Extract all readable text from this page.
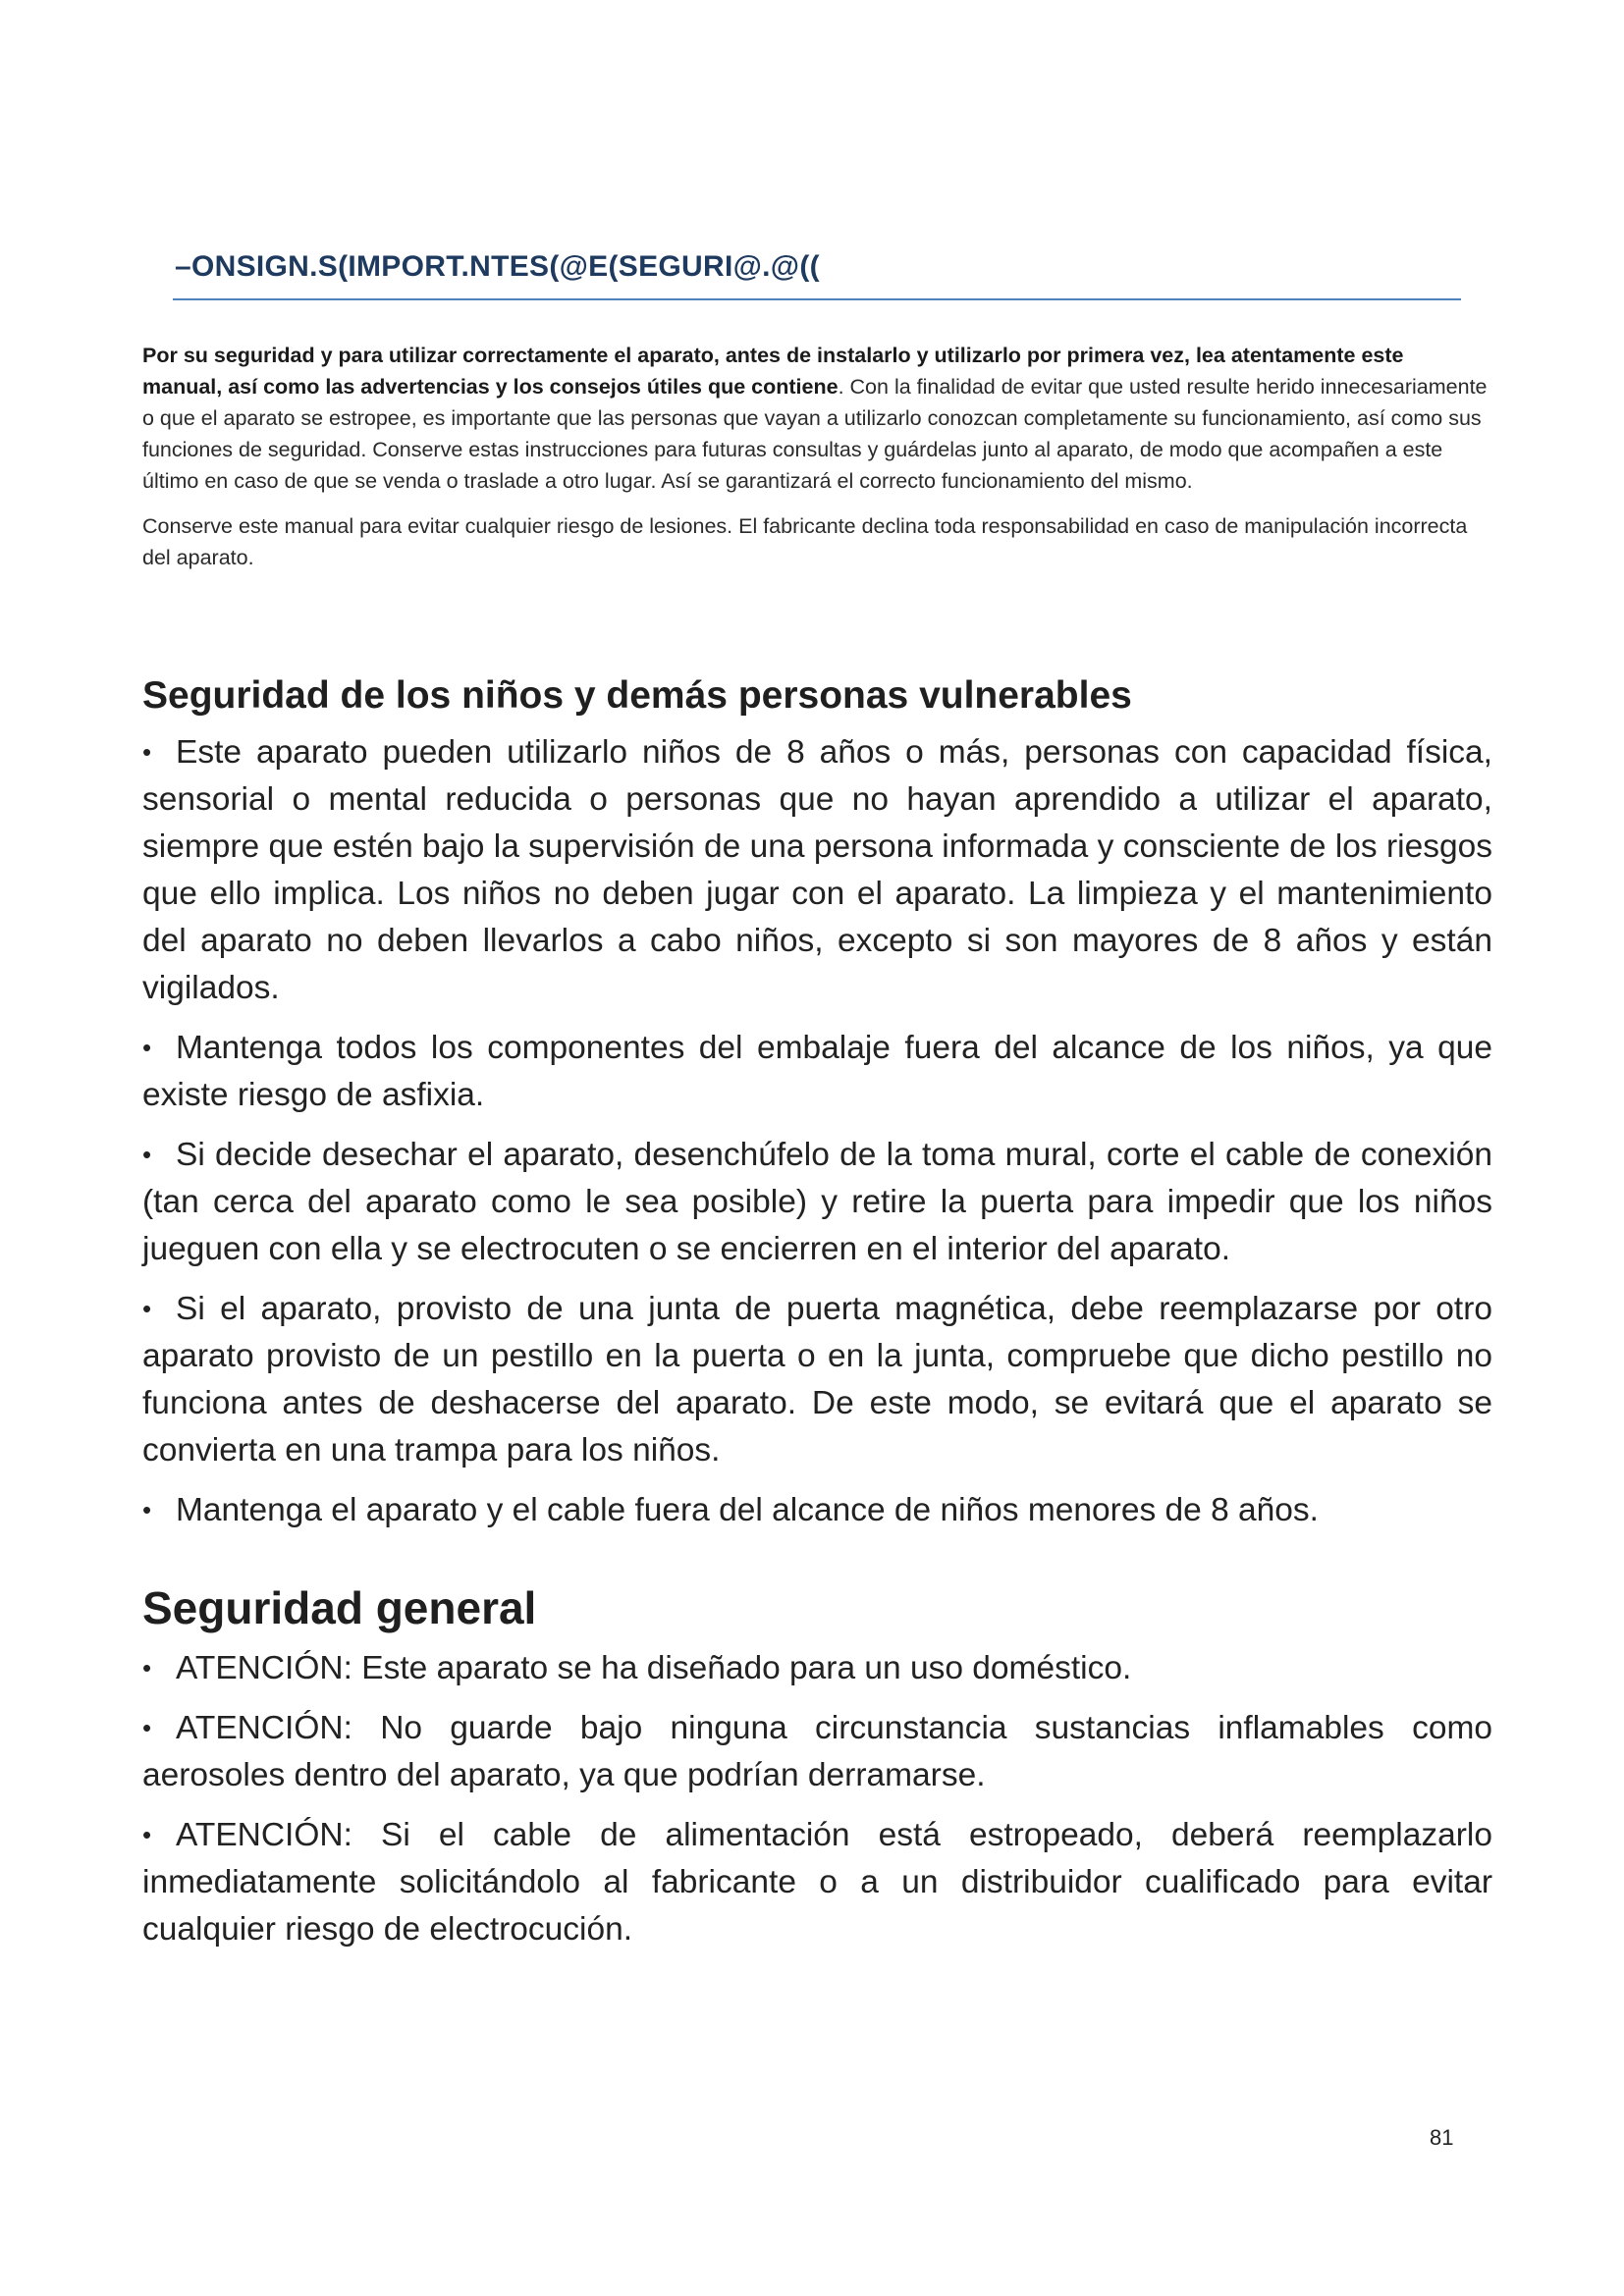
–ONSIGN.S(IMPORT.NTES(@E(SEGURI@.@((

Por su seguridad y para utilizar correctamente el aparato, antes de instalarlo y utilizarlo por primera vez, lea atentamente este manual, así como las advertencias y los consejos útiles que contiene. Con la finalidad de evitar que usted resulte herido innecesariamente o que el aparato se estropee, es importante que las personas que vayan a utilizarlo conozcan completamente su funcionamiento, así como sus funciones de seguridad. Conserve estas instrucciones para futuras consultas y guárdelas junto al aparato, de modo que acompañen a este último en caso de que se venda o traslade a otro lugar. Así se garantizará el correcto funcionamiento del mismo.

Conserve este manual para evitar cualquier riesgo de lesiones. El fabricante declina toda responsabilidad en caso de manipulación incorrecta del aparato.

Seguridad de los niños y demás personas vulnerables

• Este aparato pueden utilizarlo niños de 8 años o más, personas con capacidad física, sensorial o mental reducida o personas que no hayan aprendido a utilizar el aparato, siempre que estén bajo la supervisión de una persona informada y consciente de los riesgos que ello implica. Los niños no deben jugar con el aparato. La limpieza y el mantenimiento del aparato no deben llevarlos a cabo niños, excepto si son mayores de 8 años y están vigilados.

• Mantenga todos los componentes del embalaje fuera del alcance de los niños, ya que existe riesgo de asfixia.

• Si decide desechar el aparato, desenchúfelo de la toma mural, corte el cable de conexión (tan cerca del aparato como le sea posible) y retire la puerta para impedir que los niños jueguen con ella y se electrocuten o se encierren en el interior del aparato.

• Si el aparato, provisto de una junta de puerta magnética, debe reemplazarse por otro aparato provisto de un pestillo en la puerta o en la junta, compruebe que dicho pestillo no funciona antes de deshacerse del aparato. De este modo, se evitará que el aparato se convierta en una trampa para los niños.

• Mantenga el aparato y el cable fuera del alcance de niños menores de 8 años.

Seguridad general

• ATENCIÓN: Este aparato se ha diseñado para un uso doméstico.

• ATENCIÓN: No guarde bajo ninguna circunstancia sustancias inflamables como aerosoles dentro del aparato, ya que podrían derramarse.

• ATENCIÓN: Si el cable de alimentación está estropeado, deberá reemplazarlo inmediatamente solicitándolo al fabricante o a un distribuidor cualificado para evitar cualquier riesgo de electrocución.

81
